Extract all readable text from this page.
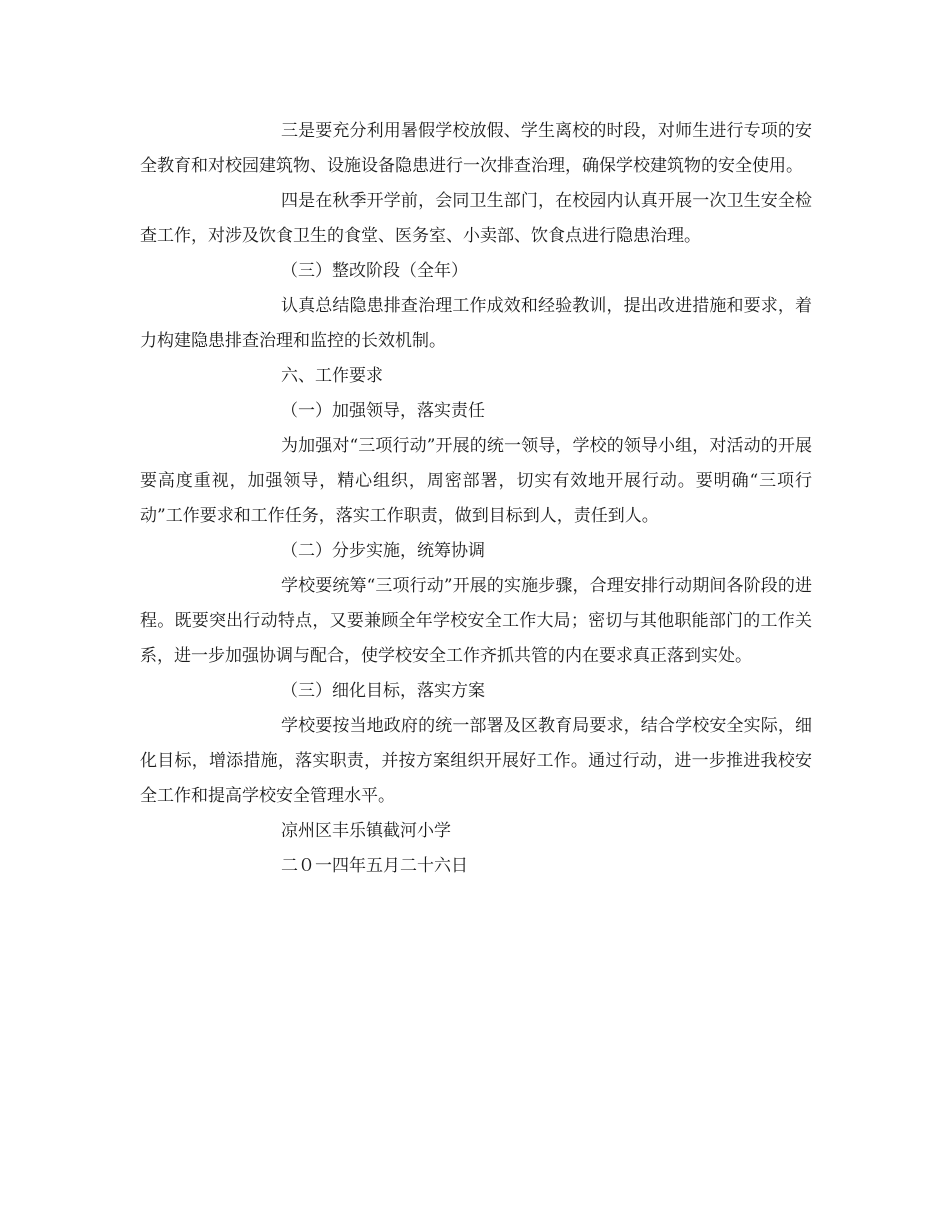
三是要充分利用暑假学校放假、学生离校的时段，对师生进行专项的安全教育和对校园建筑物、设施设备隐患进行一次排查治理，确保学校建筑物的安全使用。

四是在秋季开学前，会同卫生部门，在校园内认真开展一次卫生安全检查工作，对涉及饮食卫生的食堂、医务室、小卖部、饮食点进行隐患治理。

（三）整改阶段（全年）

认真总结隐患排查治理工作成效和经验教训，提出改进措施和要求，着力构建隐患排查治理和监控的长效机制。

六、工作要求

（一）加强领导，落实责任

为加强对“三项行动”开展的统一领导，学校的领导小组，对活动的开展要高度重视，加强领导，精心组织，周密部署，切实有效地开展行动。要明确“三项行动”工作要求和工作任务，落实工作职责，做到目标到人，责任到人。

（二）分步实施，统筹协调

学校要统筹“三项行动”开展的实施步骤，合理安排行动期间各阶段的进程。既要突出行动特点，又要兼顾全年学校安全工作大局；密切与其他职能部门的工作关系，进一步加强协调与配合，使学校安全工作齐抓共管的内在要求真正落到实处。

（三）细化目标，落实方案

学校要按当地政府的统一部署及区教育局要求，结合学校安全实际，细化目标，增添措施，落实职责，并按方案组织开展好工作。通过行动，进一步推进我校安全工作和提高学校安全管理水平。

凉州区丰乐镇截河小学

二０一四年五月二十六日
